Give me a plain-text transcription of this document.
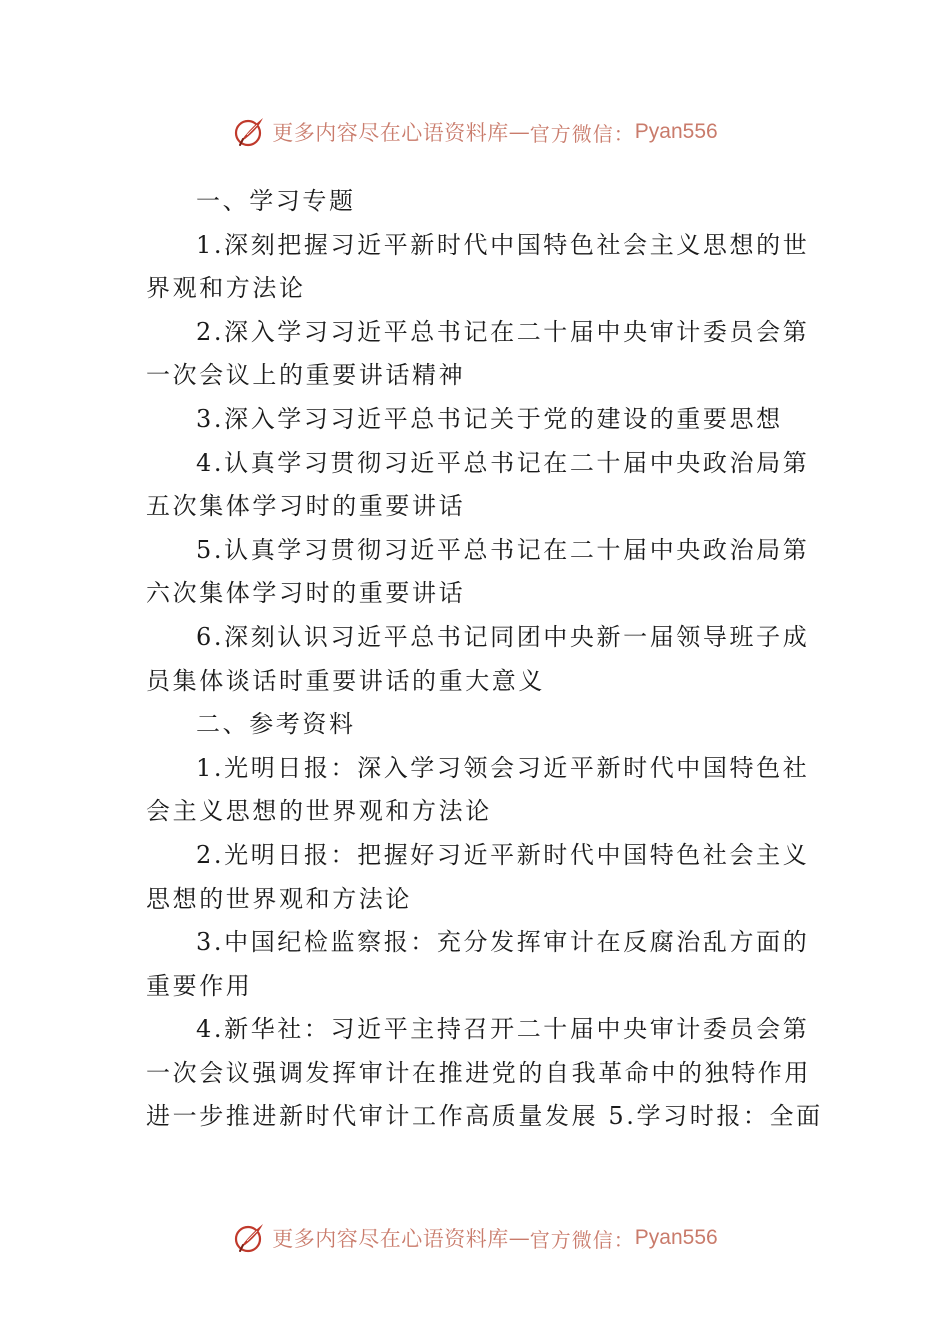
更多内容尽在心语资料库 — 官方微信： Pyan556
一、学习专题
1.深刻把握习近平新时代中国特色社会主义思想的世
界观和方法论
2.深入学习习近平总书记在二十届中央审计委员会第
一次会议上的重要讲话精神
3.深入学习习近平总书记关于党的建设的重要思想
4.认真学习贯彻习近平总书记在二十届中央政治局第
五次集体学习时的重要讲话
5.认真学习贯彻习近平总书记在二十届中央政治局第
六次集体学习时的重要讲话
6.深刻认识习近平总书记同团中央新一届领导班子成
员集体谈话时重要讲话的重大意义
二、参考资料
1.光明日报：深入学习领会习近平新时代中国特色社
会主义思想的世界观和方法论
2.光明日报：把握好习近平新时代中国特色社会主义
思想的世界观和方法论
3.中国纪检监察报：充分发挥审计在反腐治乱方面的
重要作用
4.新华社：习近平主持召开二十届中央审计委员会第
一次会议强调发挥审计在推进党的自我革命中的独特作用
进一步推进新时代审计工作高质量发展 5.学习时报：全面
更多内容尽在心语资料库 — 官方微信： Pyan556
